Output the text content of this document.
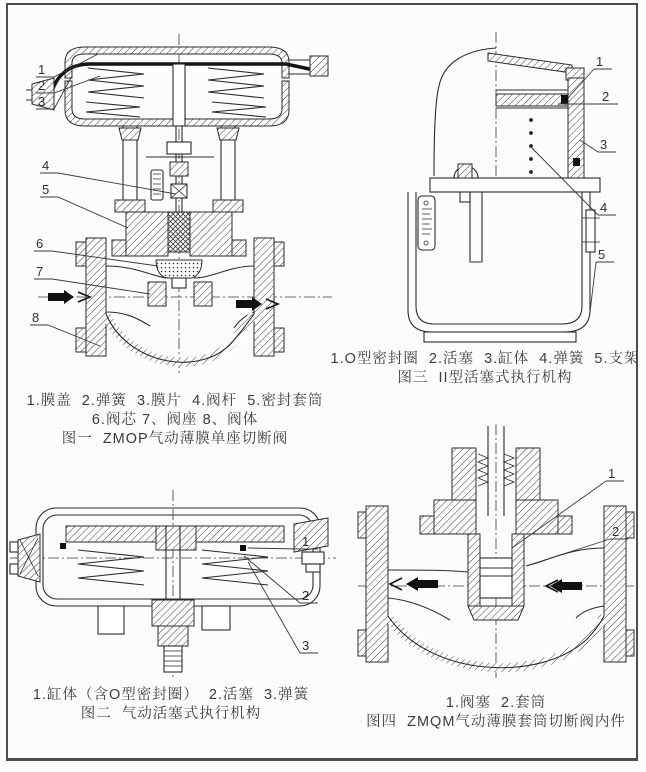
1
2
3
4
5
6
7
8
1.膜盖  2.弹簧  3.膜片  4.阀杆  5.密封套筒
6.阀芯 7、阀座 8、阀体
图一  ZMOP气动薄膜单座切断阀
1
2
3
4
5
1.O型密封圈  2.活塞  3.缸体  4.弹簧  5.支架
图三  II型活塞式执行机构
1
2
3
1.缸体（含O型密封圈）  2.活塞  3.弹簧
图二  气动活塞式执行机构
1
2
1.阀塞  2.套筒
图四  ZMQM气动薄膜套筒切断阀内件
